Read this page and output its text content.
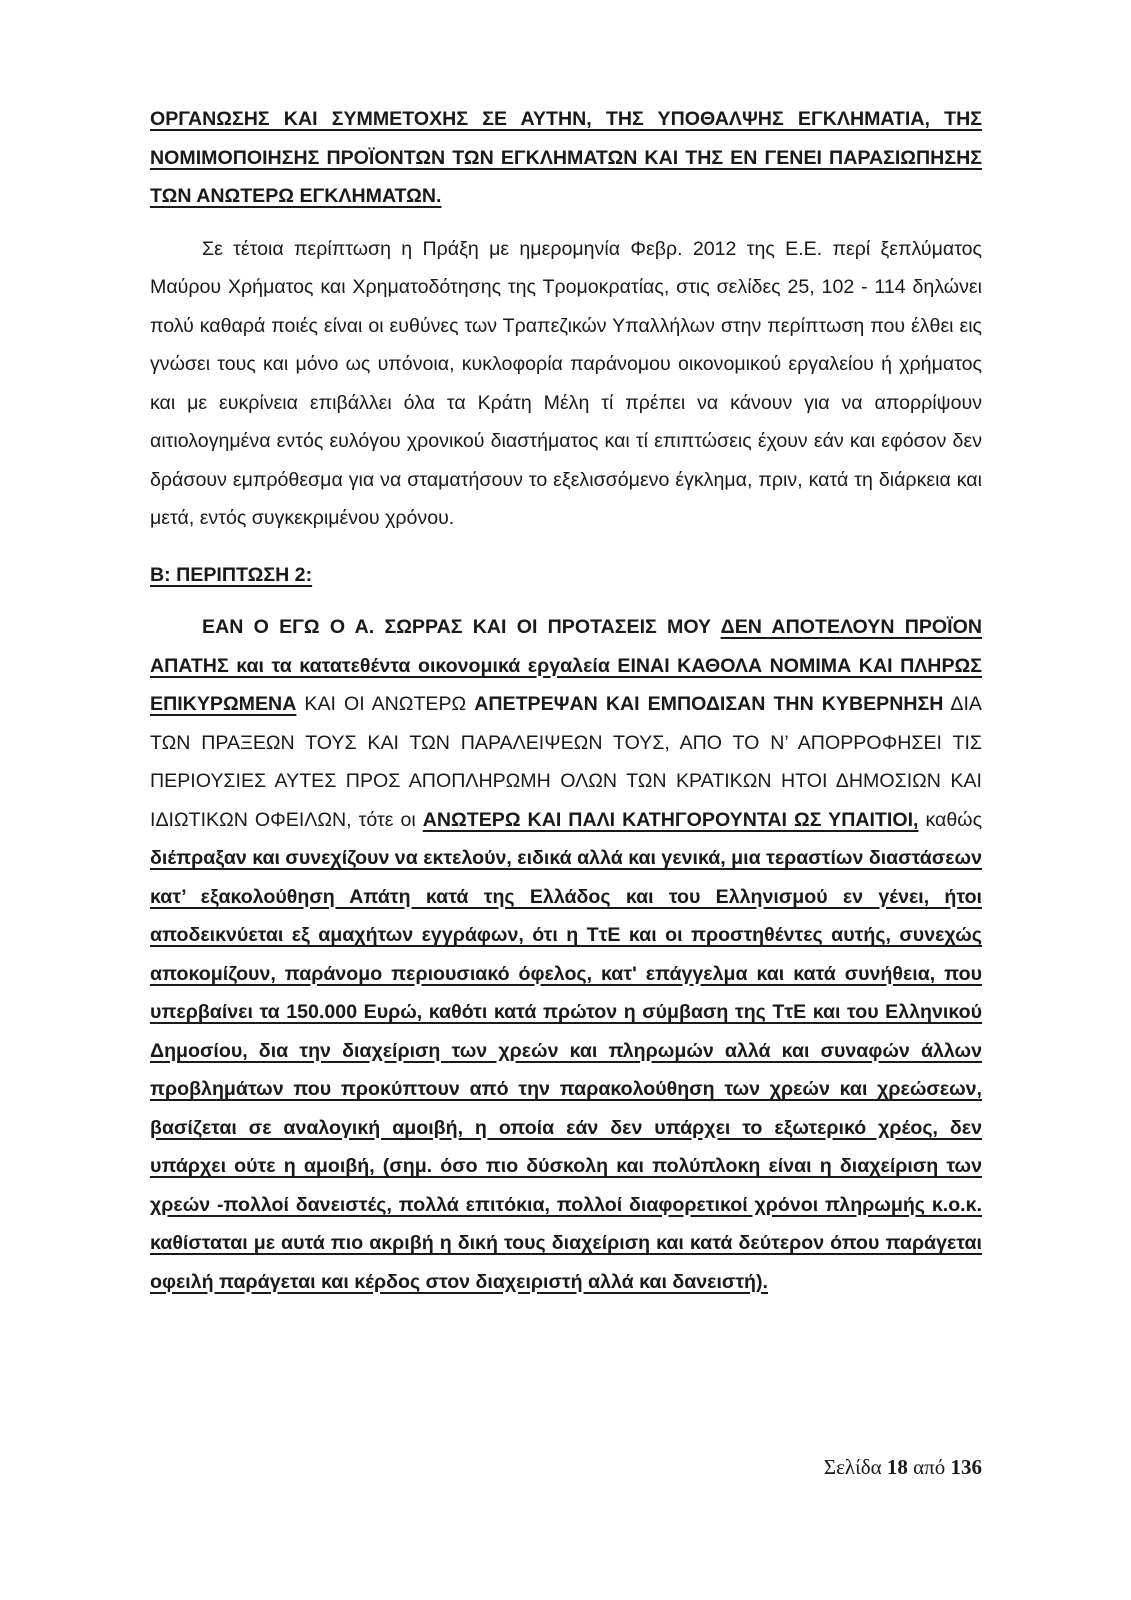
ΟΡΓΑΝΩΣΗΣ ΚΑΙ ΣΥΜΜΕΤΟΧΗΣ ΣΕ ΑΥΤΗΝ, ΤΗΣ ΥΠΟΘΑΛΨΗΣ ΕΓΚΛΗΜΑΤΙΑ, ΤΗΣ ΝΟΜΙΜΟΠΟΙΗΣΗΣ ΠΡΟΪΟΝΤΩΝ ΤΩΝ ΕΓΚΛΗΜΑΤΩΝ ΚΑΙ ΤΗΣ ΕΝ ΓΕΝΕΙ ΠΑΡΑΣΙΩΠΗΣΗΣ ΤΩΝ ΑΝΩΤΕΡΩ ΕΓΚΛΗΜΑΤΩΝ.

Σε τέτοια περίπτωση η Πράξη με ημερομηνία Φεβρ. 2012 της Ε.Ε. περί ξεπλύματος Μαύρου Χρήματος και Χρηματοδότησης της Τρομοκρατίας, στις σελίδες 25, 102 - 114 δηλώνει πολύ καθαρά ποιές είναι οι ευθύνες των Τραπεζικών Υπαλλήλων στην περίπτωση που έλθει εις γνώσει τους και μόνο ως υπόνοια, κυκλοφορία παράνομου οικονομικού εργαλείου ή χρήματος και με ευκρίνεια επιβάλλει όλα τα Κράτη Μέλη τί πρέπει να κάνουν για να απορρίψουν αιτιολογημένα εντός ευλόγου χρονικού διαστήματος και τί επιπτώσεις έχουν εάν και εφόσον δεν δράσουν εμπρόθεσμα για να σταματήσουν το εξελισσόμενο έγκλημα, πριν, κατά τη διάρκεια και μετά, εντός συγκεκριμένου χρόνου.

Β: ΠΕΡΙΠΤΩΣΗ 2:

ΕΑΝ Ο ΕΓΩ Ο Α. ΣΩΡΡΑΣ ΚΑΙ ΟΙ ΠΡΟΤΑΣΕΙΣ ΜΟΥ ΔΕΝ ΑΠΟΤΕΛΟΥΝ ΠΡΟΪΟΝ ΑΠΑΤΗΣ και τα κατατεθέντα οικονομικά εργαλεία ΕΙΝΑΙ ΚΑΘΟΛΑ ΝΟΜΙΜΑ ΚΑΙ ΠΛΗΡΩΣ ΕΠΙΚΥΡΩΜΕΝΑ ΚΑΙ ΟΙ ΑΝΩΤΕΡΩ ΑΠΕΤΡΕΨΑΝ ΚΑΙ ΕΜΠΟΔΙΣΑΝ ΤΗΝ ΚΥΒΕΡΝΗΣΗ ΔΙΑ ΤΩΝ ΠΡΑΞΕΩΝ ΤΟΥΣ ΚΑΙ ΤΩΝ ΠΑΡΑΛΕΙΨΕΩΝ ΤΟΥΣ, ΑΠΟ ΤΟ Ν’ ΑΠΟΡΡΟΦΗΣΕΙ ΤΙΣ ΠΕΡΙΟΥΣΙΕΣ ΑΥΤΕΣ ΠΡΟΣ ΑΠΟΠΛΗΡΩΜΗ ΟΛΩΝ ΤΩΝ ΚΡΑΤΙΚΩΝ ΗΤΟΙ ΔΗΜΟΣΙΩΝ ΚΑΙ ΙΔΙΩΤΙΚΩΝ ΟΦΕΙΛΩΝ, τότε οι ΑΝΩΤΕΡΩ ΚΑΙ ΠΑΛΙ ΚΑΤΗΓΟΡΟΥΝΤΑΙ ΩΣ ΥΠΑΙΤΙΟΙ, καθώς διέπραξαν και συνεχίζουν να εκτελούν, ειδικά αλλά και γενικά, μια τεραστίων διαστάσεων κατ’ εξακολούθηση Απάτη κατά της Ελλάδος και του Ελληνισμού εν γένει, ήτοι αποδεικνύεται εξ αμαχήτων εγγράφων, ότι η ΤτΕ και οι προστηθέντες αυτής, συνεχώς αποκομίζουν, παράνομο περιουσιακό όφελος, κατ' επάγγελμα και κατά συνήθεια, που υπερβαίνει τα 150.000 Ευρώ, καθότι κατά πρώτον η σύμβαση της ΤτΕ και του Ελληνικού Δημοσίου, δια την διαχείριση των χρεών και πληρωμών αλλά και συναφών άλλων προβλημάτων που προκύπτουν από την παρακολούθηση των χρεών και χρεώσεων, βασίζεται σε αναλογική αμοιβή, η οποία εάν δεν υπάρχει το εξωτερικό χρέος, δεν υπάρχει ούτε η αμοιβή, (σημ. όσο πιο δύσκολη και πολύπλοκη είναι η διαχείριση των χρεών -πολλοί δανειστές, πολλά επιτόκια, πολλοί διαφορετικοί χρόνοι πληρωμής κ.ο.κ. καθίσταται με αυτά πιο ακριβή η δική τους διαχείριση και κατά δεύτερον όπου παράγεται οφειλή παράγεται και κέρδος στον διαχειριστή αλλά και δανειστή).

Σελίδα 18 από 136
